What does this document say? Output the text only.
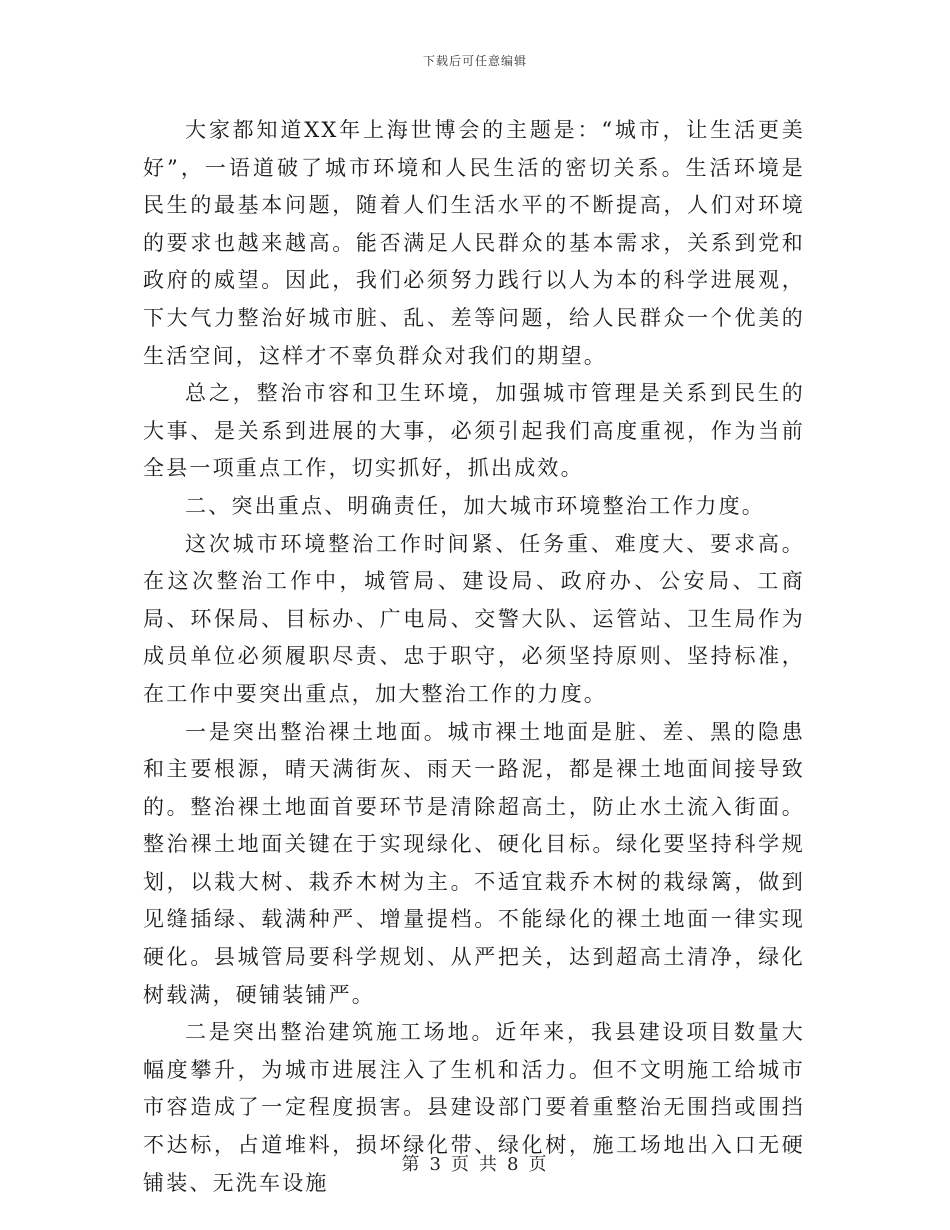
下载后可任意编辑

大家都知道XX年上海世博会的主题是：“城市，让生活更美好”，一语道破了城市环境和人民生活的密切关系。生活环境是民生的最基本问题，随着人们生活水平的不断提高，人们对环境的要求也越来越高。能否满足人民群众的基本需求，关系到党和政府的威望。因此，我们必须努力践行以人为本的科学进展观，下大气力整治好城市脏、乱、差等问题，给人民群众一个优美的生活空间，这样才不辜负群众对我们的期望。

总之，整治市容和卫生环境，加强城市管理是关系到民生的大事、是关系到进展的大事，必须引起我们高度重视，作为当前全县一项重点工作，切实抓好，抓出成效。

二、突出重点、明确责任，加大城市环境整治工作力度。

这次城市环境整治工作时间紧、任务重、难度大、要求高。在这次整治工作中，城管局、建设局、政府办、公安局、工商局、环保局、目标办、广电局、交警大队、运管站、卫生局作为成员单位必须履职尽责、忠于职守，必须坚持原则、坚持标准，在工作中要突出重点，加大整治工作的力度。

一是突出整治裸土地面。城市裸土地面是脏、差、黑的隐患和主要根源，晴天满街灰、雨天一路泥，都是裸土地面间接导致的。整治裸土地面首要环节是清除超高土，防止水土流入街面。整治裸土地面关键在于实现绿化、硬化目标。绿化要坚持科学规划，以栽大树、栽乔木树为主。不适宜栽乔木树的栽绿篱，做到见缝插绿、载满种严、增量提档。不能绿化的裸土地面一律实现硬化。县城管局要科学规划、从严把关，达到超高土清净，绿化树载满，硬铺装铺严。

二是突出整治建筑施工场地。近年来，我县建设项目数量大幅度攀升，为城市进展注入了生机和活力。但不文明施工给城市市容造成了一定程度损害。县建设部门要着重整治无围挡或围挡不达标，占道堆料，损坏绿化带、绿化树，施工场地出入口无硬铺装、无洗车设施

第 3 页 共 8 页
